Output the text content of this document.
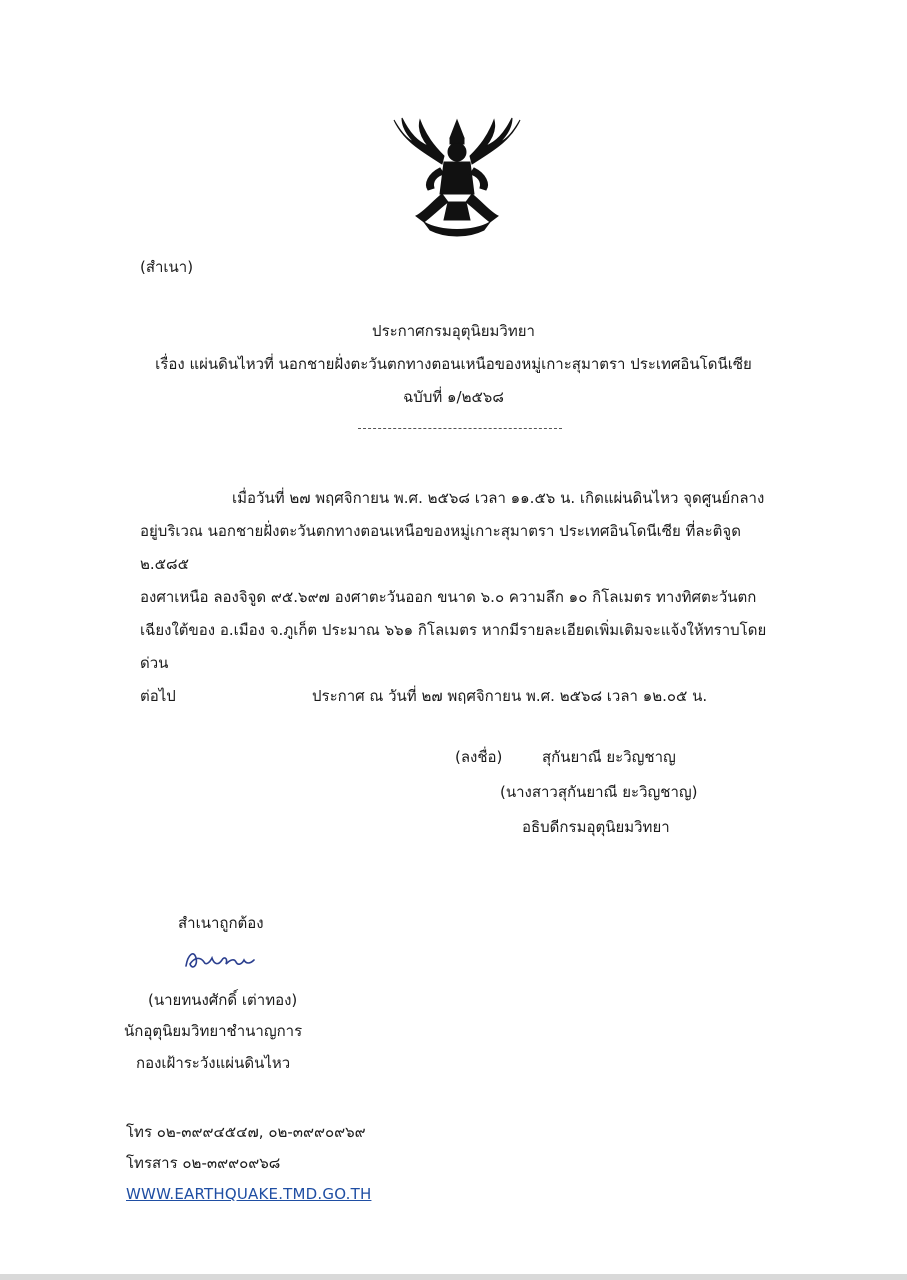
(สำเนา)
ประกาศกรมอุตุนิยมวิทยา
เรื่อง แผ่นดินไหวที่ นอกชายฝั่งตะวันตกทางตอนเหนือของหมู่เกาะสุมาตรา ประเทศอินโดนีเซีย
ฉบับที่ ๑/๒๕๖๘

เมื่อวันที่ ๒๗ พฤศจิกายน พ.ศ. ๒๕๖๘ เวลา ๑๑.๕๖ น. เกิดแผ่นดินไหว จุดศูนย์กลาง

อยู่บริเวณ นอกชายฝั่งตะวันตกทางตอนเหนือของหมู่เกาะสุมาตรา ประเทศอินโดนีเซีย ที่ละติจูด ๒.๕๘๕

องศาเหนือ ลองจิจูด ๙๕.๖๙๗ องศาตะวันออก ขนาด ๖.๐ ความลึก ๑๐ กิโลเมตร ทางทิศตะวันตก

เฉียงใต้ของ อ.เมือง จ.ภูเก็ต ประมาณ ๖๖๑ กิโลเมตร หากมีรายละเอียดเพิ่มเติมจะแจ้งให้ทราบโดยด่วน

ต่อไป	ประกาศ ณ วันที่ ๒๗ พฤศจิกายน พ.ศ. ๒๕๖๘ เวลา ๑๒.๐๕ น.
(ลงชื่อ)	สุกันยาณี ยะวิญชาญ
(นางสาวสุกันยาณี ยะวิญชาญ)
อธิบดีกรมอุตุนิยมวิทยา
สำเนาถูกต้อง
(นายทนงศักดิ์ เต่าทอง)
นักอุตุนิยมวิทยาชำนาญการ
กองเฝ้าระวังแผ่นดินไหว
โทร ๐๒-๓๙๙๔๕๔๗, ๐๒-๓๙๙๐๙๖๙
โทรสาร ๐๒-๓๙๙๐๙๖๘
WWW.EARTHQUAKE.TMD.GO.TH
